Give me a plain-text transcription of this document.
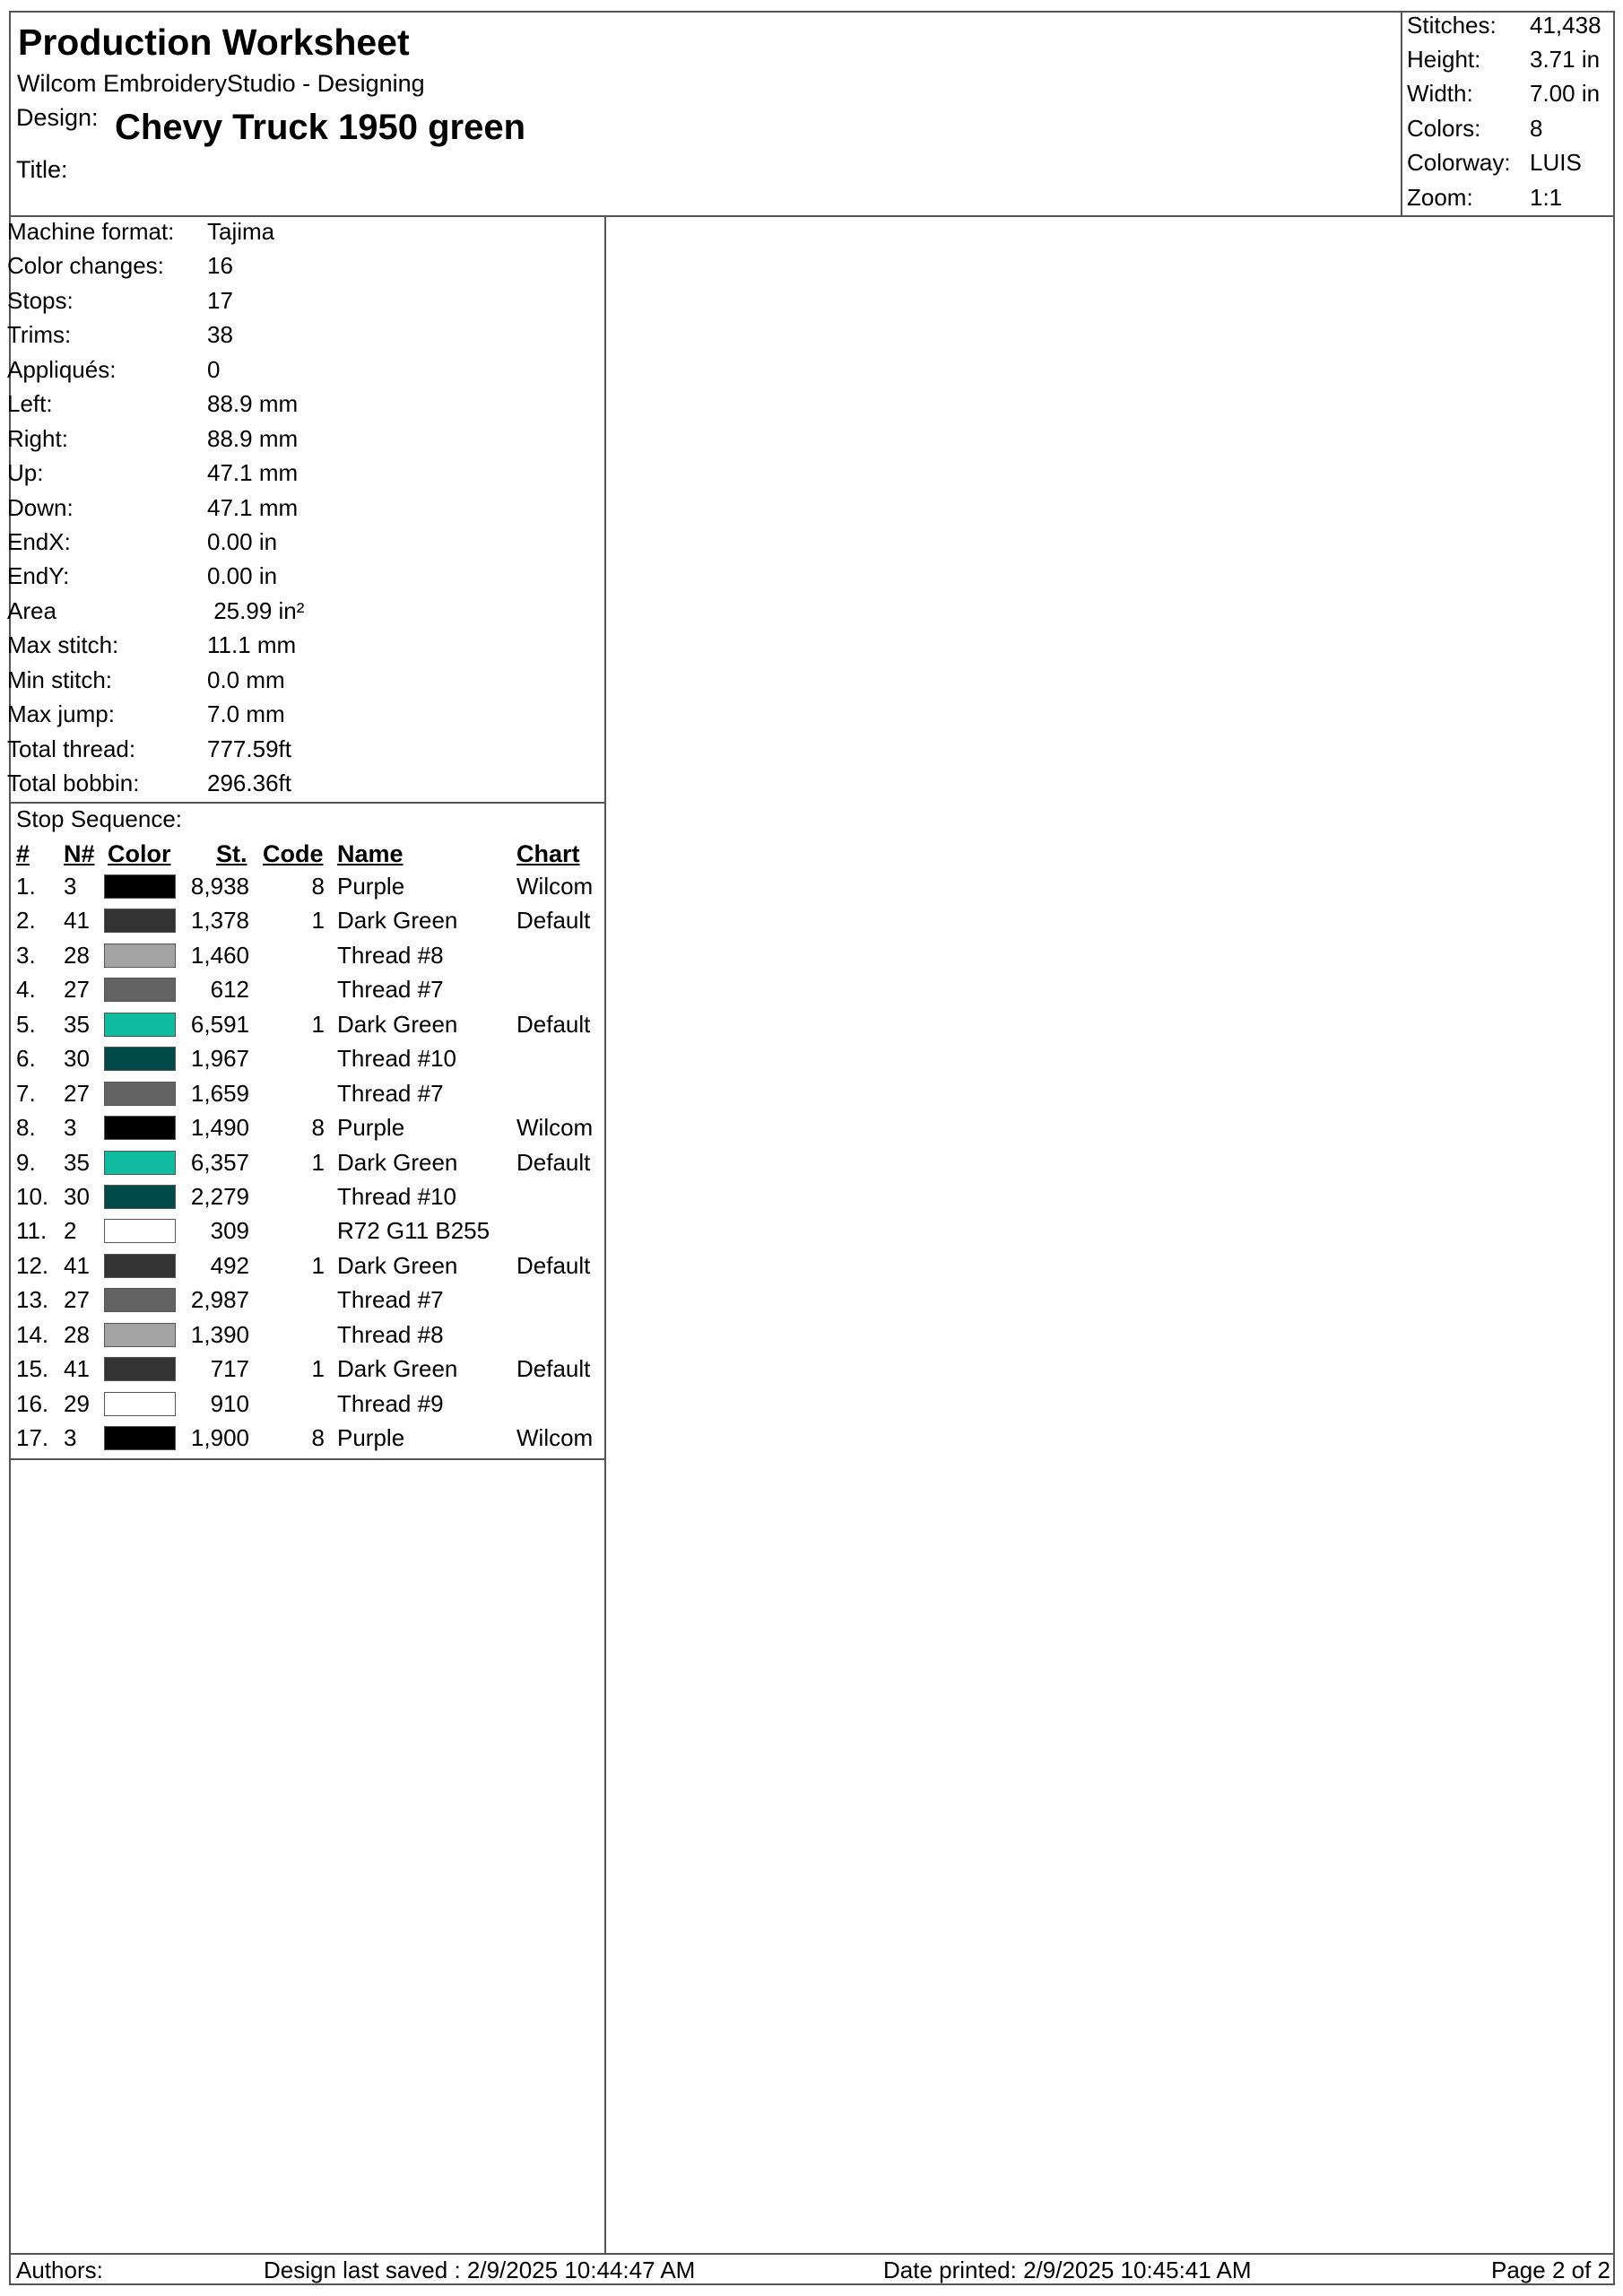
Production Worksheet
Wilcom EmbroideryStudio - Designing
Design: Chevy Truck 1950 green
Title:
Stitches: 41,438
Height: 3.71 in
Width: 7.00 in
Colors: 8
Colorway: LUIS
Zoom: 1:1
Machine format: Tajima
Color changes: 16
Stops:	17
Trims:	38
Appliqués:	0
Left:	88.9 mm
Right:	88.9 mm
Up:	47.1 mm
Down:	47.1 mm
EndX:	0.00 in
EndY:	0.00 in
Area	25.99 in²
Max stitch:	11.1 mm
Min stitch:	0.0 mm
Max jump:	7.0 mm
Total thread:	777.59ft
Total bobbin:	296.36ft
Stop Sequence:
# N# Color St. Code Name	Chart
1. 3	8,938	8 Purple	Wilcom
2. 41	1,378	1 Dark Green	Default
3. 28	1,460	Thread #8
4. 27	612	Thread #7
5. 35	6,591	1 Dark Green	Default
6. 30	1,967	Thread #10
7. 27	1,659	Thread #7
8. 3	1,490	8 Purple	Wilcom
9. 35	6,357	1 Dark Green	Default
10. 30	2,279	Thread #10
11. 2	309	R72 G11 B255
12. 41	492	1 Dark Green	Default
13. 27	2,987	Thread #7
14. 28	1,390	Thread #8
15. 41	717	1 Dark Green	Default
16. 29	910	Thread #9
17. 3	1,900	8 Purple	Wilcom
Authors:	Design last saved : 2/9/2025 10:44:47 AM	Date printed: 2/9/2025 10:45:41 AM	Page 2 of 2
